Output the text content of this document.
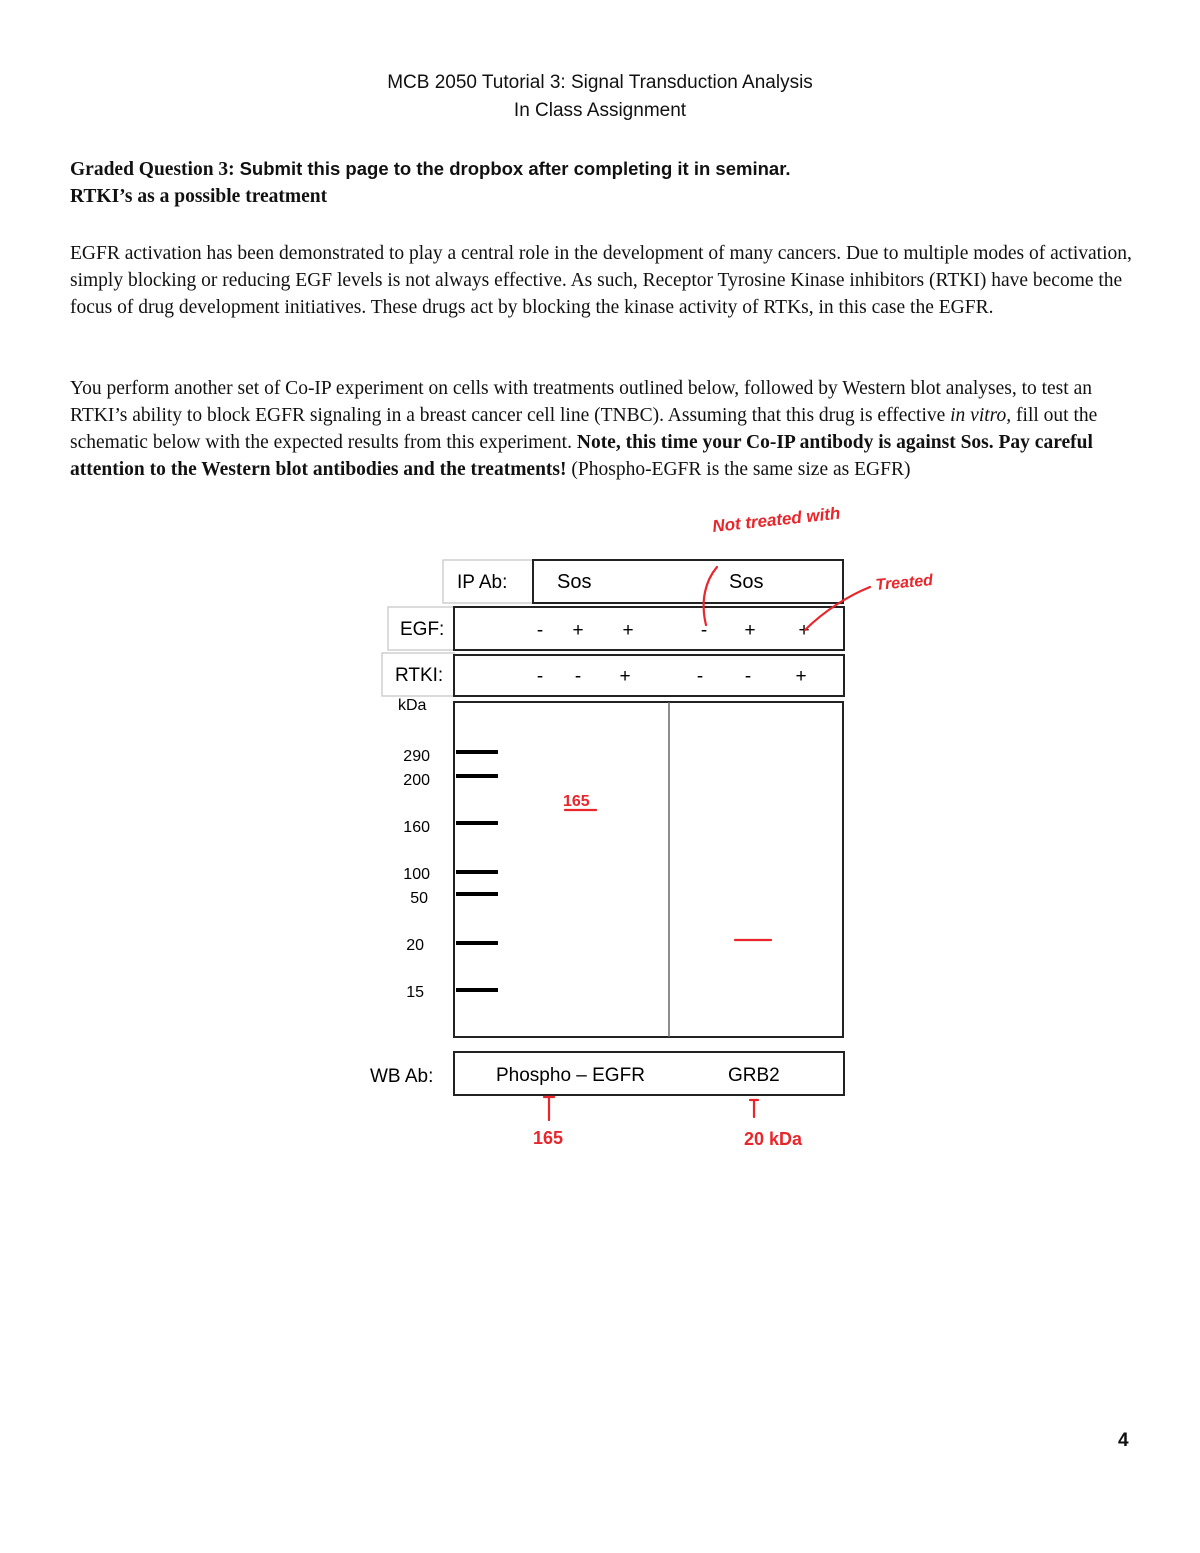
MCB 2050 Tutorial 3: Signal Transduction Analysis
In Class Assignment
Graded Question 3: Submit this page to the dropbox after completing it in seminar.
RTKI’s as a possible treatment
EGFR activation has been demonstrated to play a central role in the development of many cancers. Due to multiple modes of activation, simply blocking or reducing EGF levels is not always effective. As such, Receptor Tyrosine Kinase inhibitors (RTKI) have become the focus of drug development initiatives. These drugs act by blocking the kinase activity of RTKs, in this case the EGFR.
You perform another set of Co-IP experiment on cells with treatments outlined below, followed by Western blot analyses, to test an RTKI’s ability to block EGFR signaling in a breast cancer cell line (TNBC). Assuming that this drug is effective in vitro, fill out the schematic below with the expected results from this experiment. Note, this time your Co-IP antibody is against Sos. Pay careful attention to the Western blot antibodies and the treatments! (Phospho-EGFR is the same size as EGFR)
IP Ab: Sos	Sos
EGF:	- + +	- + +
RTKI:	- - +	- - +
kDa
290
200
160
100
50
20
15
WB Ab:	Phospho – EGFR	GRB2
Not treated with
Treated
165
165	20 kDa
4
